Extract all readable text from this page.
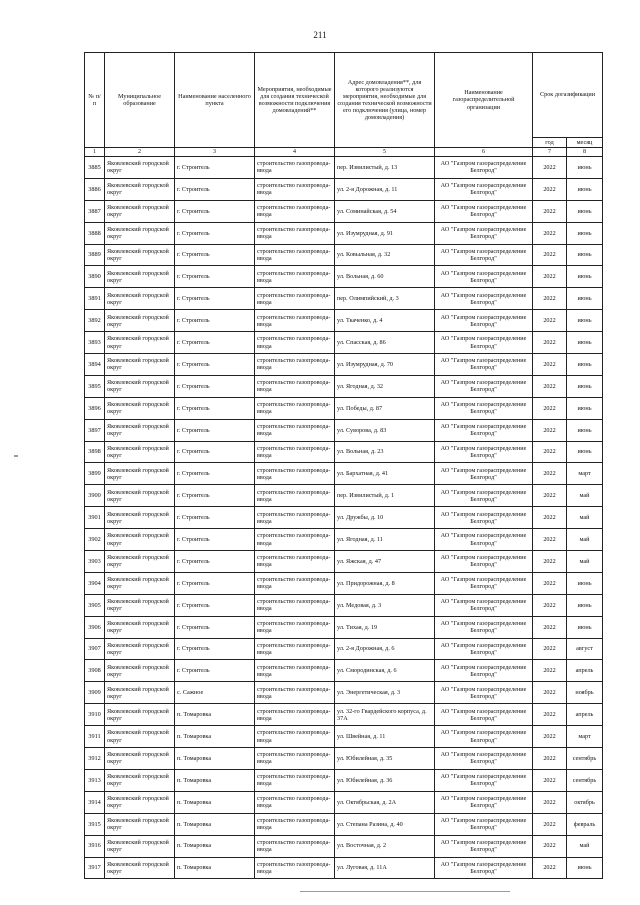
211
№ п/п	Муниципальное образование	Наименование населенного пункта	Мероприятия, необходимые для создания технической возможности подключения домовладений**	Адрес домовладения**, для которого реализуются мероприятия, необходимые для создания технической возможности его подключения (улица, номер домовладения)	Наименование газораспределительной организации	Срок догазификации	
						год	месяц
1	2	3	4	5	6	7	8
3885	Яковлевский городской округ	г. Строитель	строительство газопровода-ввода	пер. Извилистый, д. 13	АО "Газпром газораспределение Белгород"	2022	июнь
3886	Яковлевский городской округ	г. Строитель	строительство газопровода-ввода	ул. 2-я Дорожная, д. 11	АО "Газпром газораспределение Белгород"	2022	июнь
3887	Яковлевский городской округ	г. Строитель	строительство газопровода-ввода	ул. Соминайская, д. 54	АО "Газпром газораспределение Белгород"	2022	июнь
3888	Яковлевский городской округ	г. Строитель	строительство газопровода-ввода	ул. Изумрудная, д. 91	АО "Газпром газораспределение Белгород"	2022	июнь
3889	Яковлевский городской округ	г. Строитель	строительство газопровода-ввода	ул. Ковыльная, д. 32	АО "Газпром газораспределение Белгород"	2022	июнь
3890	Яковлевский городской округ	г. Строитель	строительство газопровода-ввода	ул. Вольная, д. 60	АО "Газпром газораспределение Белгород"	2022	июнь
3891	Яковлевский городской округ	г. Строитель	строительство газопровода-ввода	пер. Олимпийский, д. 3	АО "Газпром газораспределение Белгород"	2022	июнь
3892	Яковлевский городской округ	г. Строитель	строительство газопровода-ввода	ул. Ткаченко, д. 4	АО "Газпром газораспределение Белгород"	2022	июнь
3893	Яковлевский городской округ	г. Строитель	строительство газопровода-ввода	ул. Спасская, д. 86	АО "Газпром газораспределение Белгород"	2022	июнь
3894	Яковлевский городской округ	г. Строитель	строительство газопровода-ввода	ул. Изумрудная, д. 70	АО "Газпром газораспределение Белгород"	2022	июнь
3895	Яковлевский городской округ	г. Строитель	строительство газопровода-ввода	ул. Ягодная, д. 32	АО "Газпром газораспределение Белгород"	2022	июнь
3896	Яковлевский городской округ	г. Строитель	строительство газопровода-ввода	ул. Победы, д. 87	АО "Газпром газораспределение Белгород"	2022	июнь
3897	Яковлевский городской округ	г. Строитель	строительство газопровода-ввода	ул. Суворова, д. 83	АО "Газпром газораспределение Белгород"	2022	июнь
3898	Яковлевский городской округ	г. Строитель	строительство газопровода-ввода	ул. Вольная, д. 23	АО "Газпром газораспределение Белгород"	2022	июнь
3899	Яковлевский городской округ	г. Строитель	строительство газопровода-ввода	ул. Бархатная, д. 41	АО "Газпром газораспределение Белгород"	2022	март
3900	Яковлевский городской округ	г. Строитель	строительство газопровода-ввода	пер. Извилистый, д. 1	АО "Газпром газораспределение Белгород"	2022	май
3901	Яковлевский городской округ	г. Строитель	строительство газопровода-ввода	ул. Дружбы, д. 10	АО "Газпром газораспределение Белгород"	2022	май
3902	Яковлевский городской округ	г. Строитель	строительство газопровода-ввода	ул. Ягодная, д. 11	АО "Газпром газораспределение Белгород"	2022	май
3903	Яковлевский городской округ	г. Строитель	строительство газопровода-ввода	ул. Яжская, д. 47	АО "Газпром газораспределение Белгород"	2022	май
3904	Яковлевский городской округ	г. Строитель	строительство газопровода-ввода	ул. Придорожная, д. 8	АО "Газпром газораспределение Белгород"	2022	июнь
3905	Яковлевский городской округ	г. Строитель	строительство газопровода-ввода	ул. Медовая, д. 3	АО "Газпром газораспределение Белгород"	2022	июнь
3906	Яковлевский городской округ	г. Строитель	строительство газопровода-ввода	ул. Тихая, д. 19	АО "Газпром газораспределение Белгород"	2022	июнь
3907	Яковлевский городской округ	г. Строитель	строительство газопровода-ввода	ул. 2-я Дорожная, д. 6	АО "Газпром газораспределение Белгород"	2022	август
3908	Яковлевский городской округ	г. Строитель	строительство газопровода-ввода	ул. Смородинская, д. 6	АО "Газпром газораспределение Белгород"	2022	апрель
3909	Яковлевский городской округ	с. Сажное	строительство газопровода-ввода	ул. Энергетическая, д. 3	АО "Газпром газораспределение Белгород"	2022	ноябрь
3910	Яковлевский городской округ	п. Томаровка	строительство газопровода-ввода	ул. 32-го Гвардейского корпуса, д. 37А	АО "Газпром газораспределение Белгород"	2022	апрель
3911	Яковлевский городской округ	п. Томаровка	строительство газопровода-ввода	ул. Швейная, д. 11	АО "Газпром газораспределение Белгород"	2022	март
3912	Яковлевский городской округ	п. Томаровка	строительство газопровода-ввода	ул. Юбилейная, д. 35	АО "Газпром газораспределение Белгород"	2022	сентябрь
3913	Яковлевский городской округ	п. Томаровка	строительство газопровода-ввода	ул. Юбилейная, д. 36	АО "Газпром газораспределение Белгород"	2022	сентябрь
3914	Яковлевский городской округ	п. Томаровка	строительство газопровода-ввода	ул. Октябрьская, д. 2А	АО "Газпром газораспределение Белгород"	2022	октябрь
3915	Яковлевский городской округ	п. Томаровка	строительство газопровода-ввода	ул. Степана Разина, д. 40	АО "Газпром газораспределение Белгород"	2022	февраль
3916	Яковлевский городской округ	п. Томаровка	строительство газопровода-ввода	ул. Восточная, д. 2	АО "Газпром газораспределение Белгород"	2022	май
3917	Яковлевский городской округ	п. Томаровка	строительство газопровода-ввода	ул. Луговая, д. 11А	АО "Газпром газораспределение Белгород"	2022	июнь
